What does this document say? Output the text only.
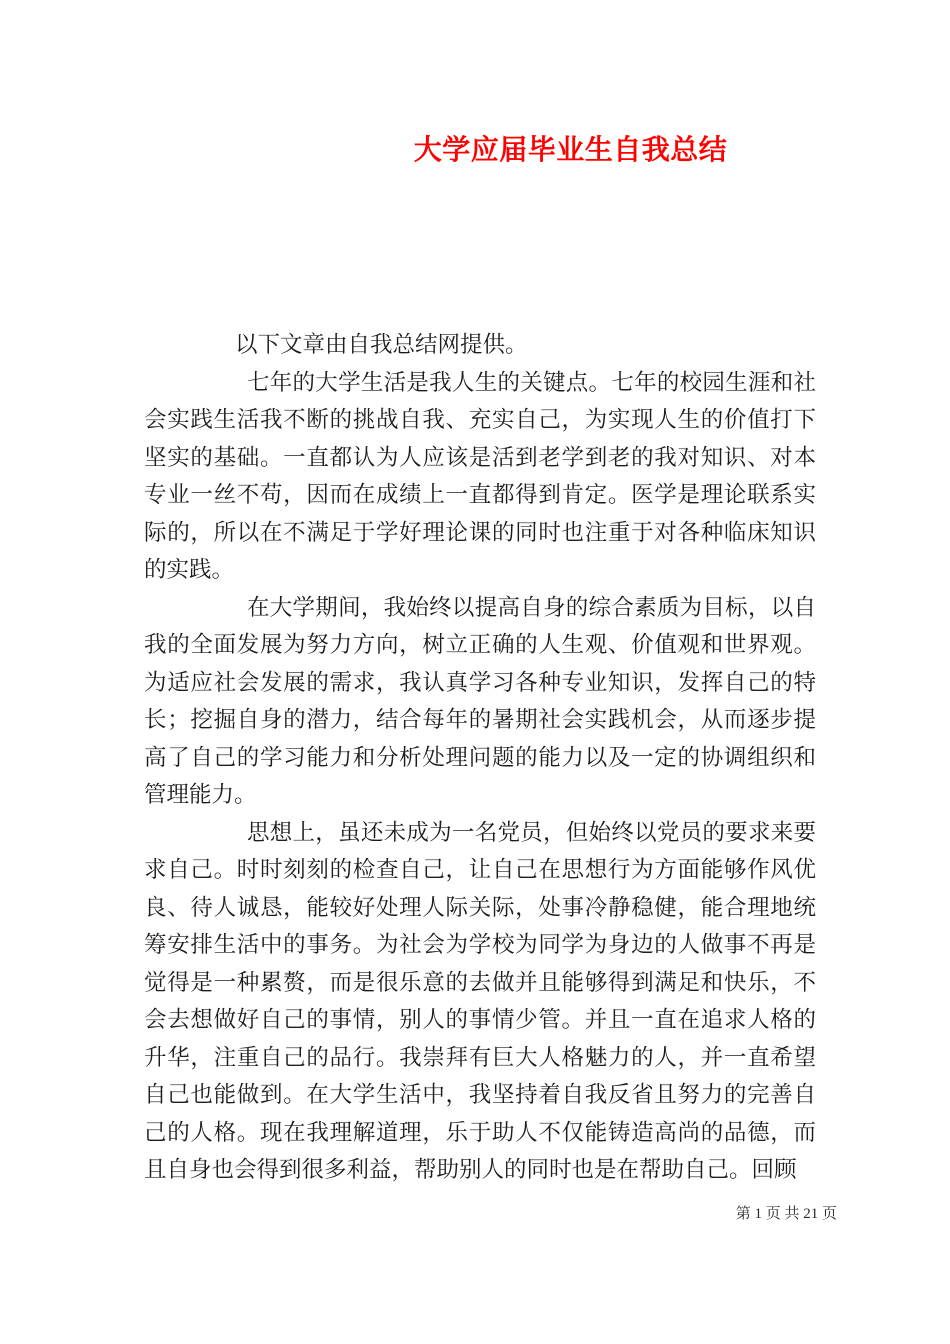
大学应届毕业生自我总结

以下文章由自我总结网提供。

七年的大学生活是我人生的关键点。七年的校园生涯和社会实践生活我不断的挑战自我、充实自己，为实现人生的价值打下坚实的基础。一直都认为人应该是活到老学到老的我对知识、对本专业一丝不苟，因而在成绩上一直都得到肯定。医学是理论联系实际的，所以在不满足于学好理论课的同时也注重于对各种临床知识的实践。

在大学期间，我始终以提高自身的综合素质为目标，以自我的全面发展为努力方向，树立正确的人生观、价值观和世界观。为适应社会发展的需求，我认真学习各种专业知识，发挥自己的特长；挖掘自身的潜力，结合每年的暑期社会实践机会，从而逐步提高了自己的学习能力和分析处理问题的能力以及一定的协调组织和管理能力。

思想上，虽还未成为一名党员，但始终以党员的要求来要求自己。时时刻刻的检查自己，让自己在思想行为方面能够作风优良、待人诚恳，能较好处理人际关际，处事冷静稳健，能合理地统筹安排生活中的事务。为社会为学校为同学为身边的人做事不再是觉得是一种累赘，而是很乐意的去做并且能够得到满足和快乐，不会去想做好自己的事情，别人的事情少管。并且一直在追求人格的升华，注重自己的品行。我崇拜有巨大人格魅力的人，并一直希望自己也能做到。在大学生活中，我坚持着自我反省且努力的完善自己的人格。现在我理解道理，乐于助人不仅能铸造高尚的品德，而且自身也会得到很多利益，帮助别人的同时也是在帮助自己。回顾

第 1 页 共 21 页
